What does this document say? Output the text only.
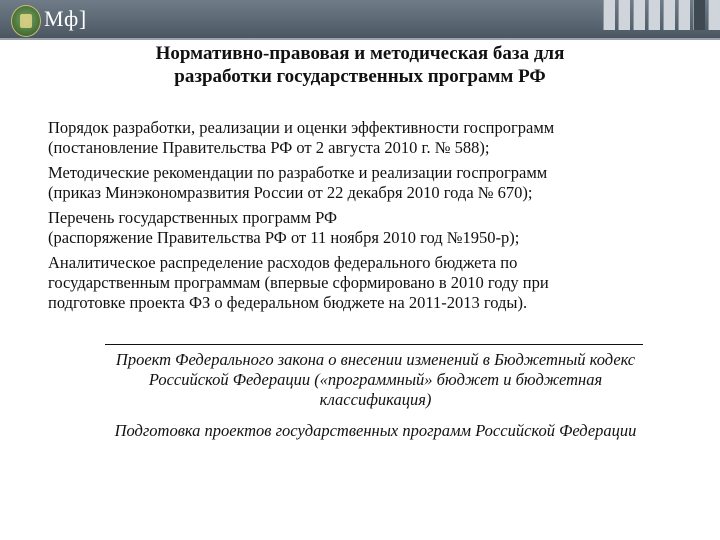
Мф]
Нормативно-правовая и методическая база для
разработки государственных программ РФ
Порядок разработки, реализации и оценки эффективности госпрограмм
(постановление Правительства РФ от 2 августа 2010 г. № 588);
Методические рекомендации по разработке и реализации госпрограмм
(приказ Минэкономразвития России от 22 декабря 2010 года № 670);
Перечень государственных программ РФ
(распоряжение Правительства РФ от 11 ноября 2010 год №1950-р);
Аналитическое распределение расходов федерального бюджета по
государственным программам (впервые сформировано в 2010 году при
подготовке проекта ФЗ о федеральном бюджете на 2011-2013 годы).
Проект Федерального закона о внесении изменений в Бюджетный кодекс
Российской Федерации («программный» бюджет и бюджетная
классификация)
Подготовка проектов государственных программ Российской Федерации
